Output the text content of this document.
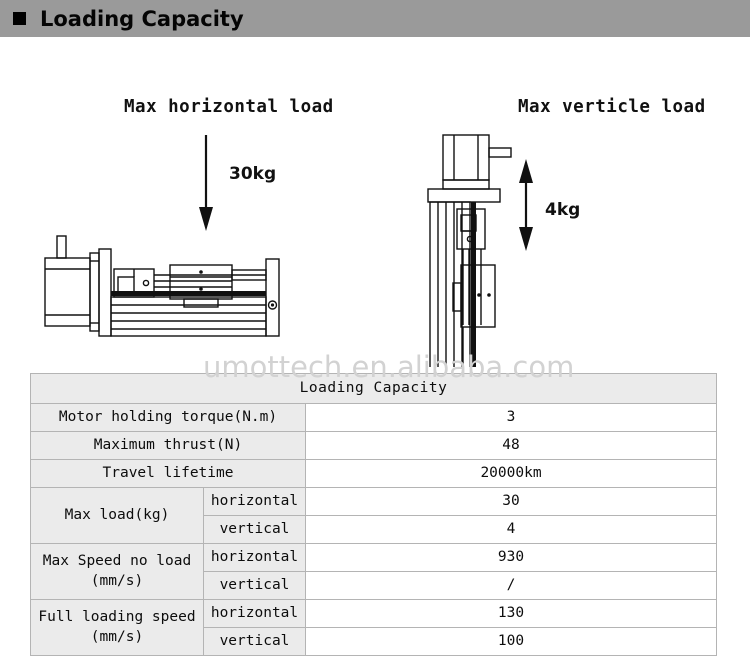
Loading Capacity
Max horizontal load
30kg
Max verticle load
4kg
umottech.en.alibaba.com
Loading Capacity		
Motor holding torque(N.m)		3
Maximum thrust(N)		48
Travel lifetime		20000km
Max load(kg)	horizontal	30
	vertical	4

Max Speed no load
(mm/s)	horizontal	930
	vertical	/

Full loading speed
(mm/s)	horizontal	130
	vertical	100
